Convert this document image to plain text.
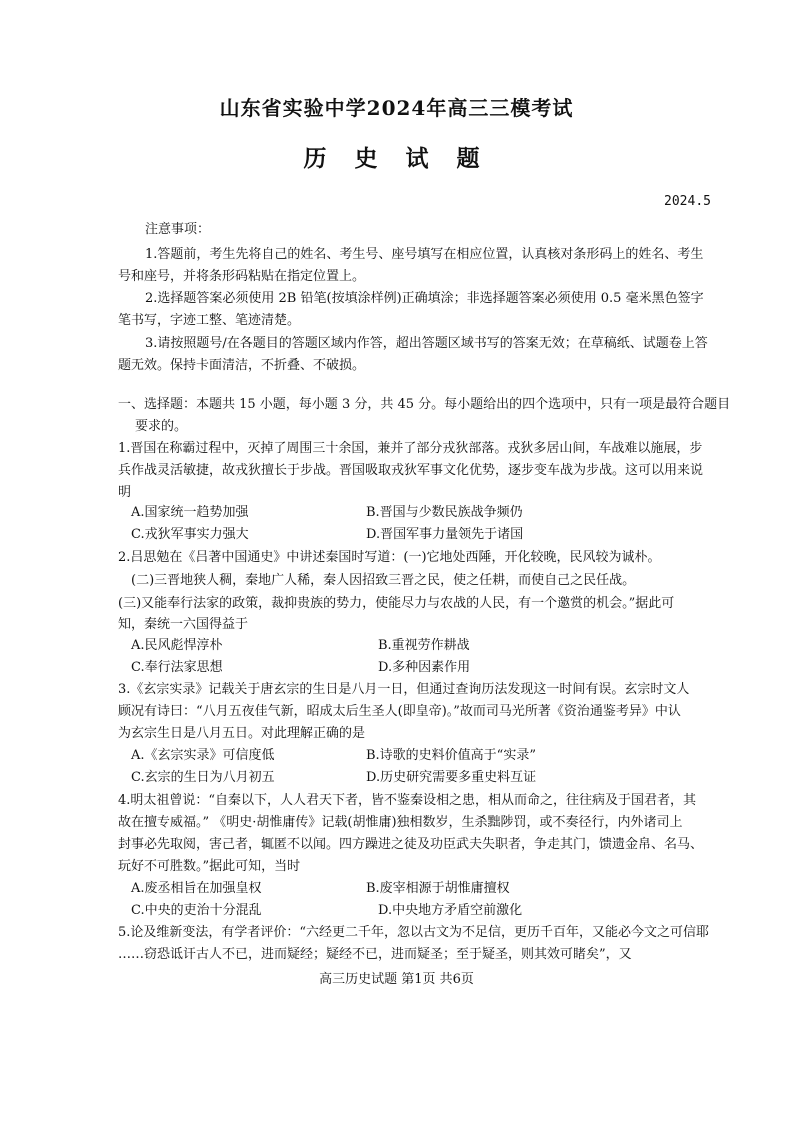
山东省实验中学2024年高三三模考试
历 史 试 题
2024.5
注意事项：
1.答题前，考生先将自己的姓名、考生号、座号填写在相应位置，认真核对条形码上的姓名、考生
号和座号，并将条形码粘贴在指定位置上。
2.选择题答案必须使用 2B 铅笔(按填涂样例)正确填涂；非选择题答案必须使用 0.5 毫米黑色签字
笔书写，字迹工整、笔迹清楚。
3.请按照题号/在各题目的答题区域内作答，超出答题区域书写的答案无效；在草稿纸、试题卷上答
题无效。保持卡面清洁，不折叠、不破损。
一、选择题：本题共 15 小题，每小题 3 分，共 45 分。每小题给出的四个选项中，只有一项是最符合题目
要求的。
1.晋国在称霸过程中，灭掉了周围三十余国，兼并了部分戎狄部落。戎狄多居山间，车战难以施展，步
兵作战灵活敏捷，故戎狄擅长于步战。晋国吸取戎狄军事文化优势，逐步变车战为步战。这可以用来说
明
A.国家统一趋势加强	B.晋国与少数民族战争频仍
C.戎狄军事实力强大	D.晋国军事力量领先于诸国
2.吕思勉在《吕著中国通史》中讲述秦国时写道：(一)它地处西陲，开化较晚，民风较为诚朴。
(二)三晋地狭人稠，秦地广人稀，秦人因招致三晋之民，使之任耕，而使自己之民任战。
(三)又能奉行法家的政策，裁抑贵族的势力，使能尽力与农战的人民，有一个邀赏的机会。”据此可
知，秦统一六国得益于
A.民风彪悍淳朴	B.重视劳作耕战
C.奉行法家思想	D.多种因素作用
3.《玄宗实录》记载关于唐玄宗的生日是八月一日，但通过查询历法发现这一时间有误。玄宗时文人
顾况有诗曰：“八月五夜佳气新，昭成太后生圣人(即皇帝)。”故而司马光所著《资治通鉴考异》中认
为玄宗生日是八月五日。对此理解正确的是
A.《玄宗实录》可信度低	B.诗歌的史料价值高于“实录”
C.玄宗的生日为八月初五	D.历史研究需要多重史料互证
4.明太祖曾说：“自秦以下，人人君天下者，皆不鉴秦设相之患，相从而命之，往往病及于国君者，其
故在擅专威福。” 《明史·胡惟庸传》记载(胡惟庸)独相数岁，生杀黜陟罚，或不奏径行，内外诸司上
封事必先取阅，害己者，辄匿不以闻。四方躁进之徒及功臣武夫失职者，争走其门，馈遗金帛、名马、
玩好不可胜数。”据此可知，当时
A.废丞相旨在加强皇权	B.废宰相源于胡惟庸擅权
C.中央的吏治十分混乱	D.中央地方矛盾空前激化
5.论及维新变法，有学者评价：“六经更二千年，忽以古文为不足信，更历千百年，又能必今文之可信耶
……窃恐诋讦古人不已，进而疑经；疑经不已，进而疑圣；至于疑圣，则其效可睹矣”，又
高三历史试题 第1页 共6页
